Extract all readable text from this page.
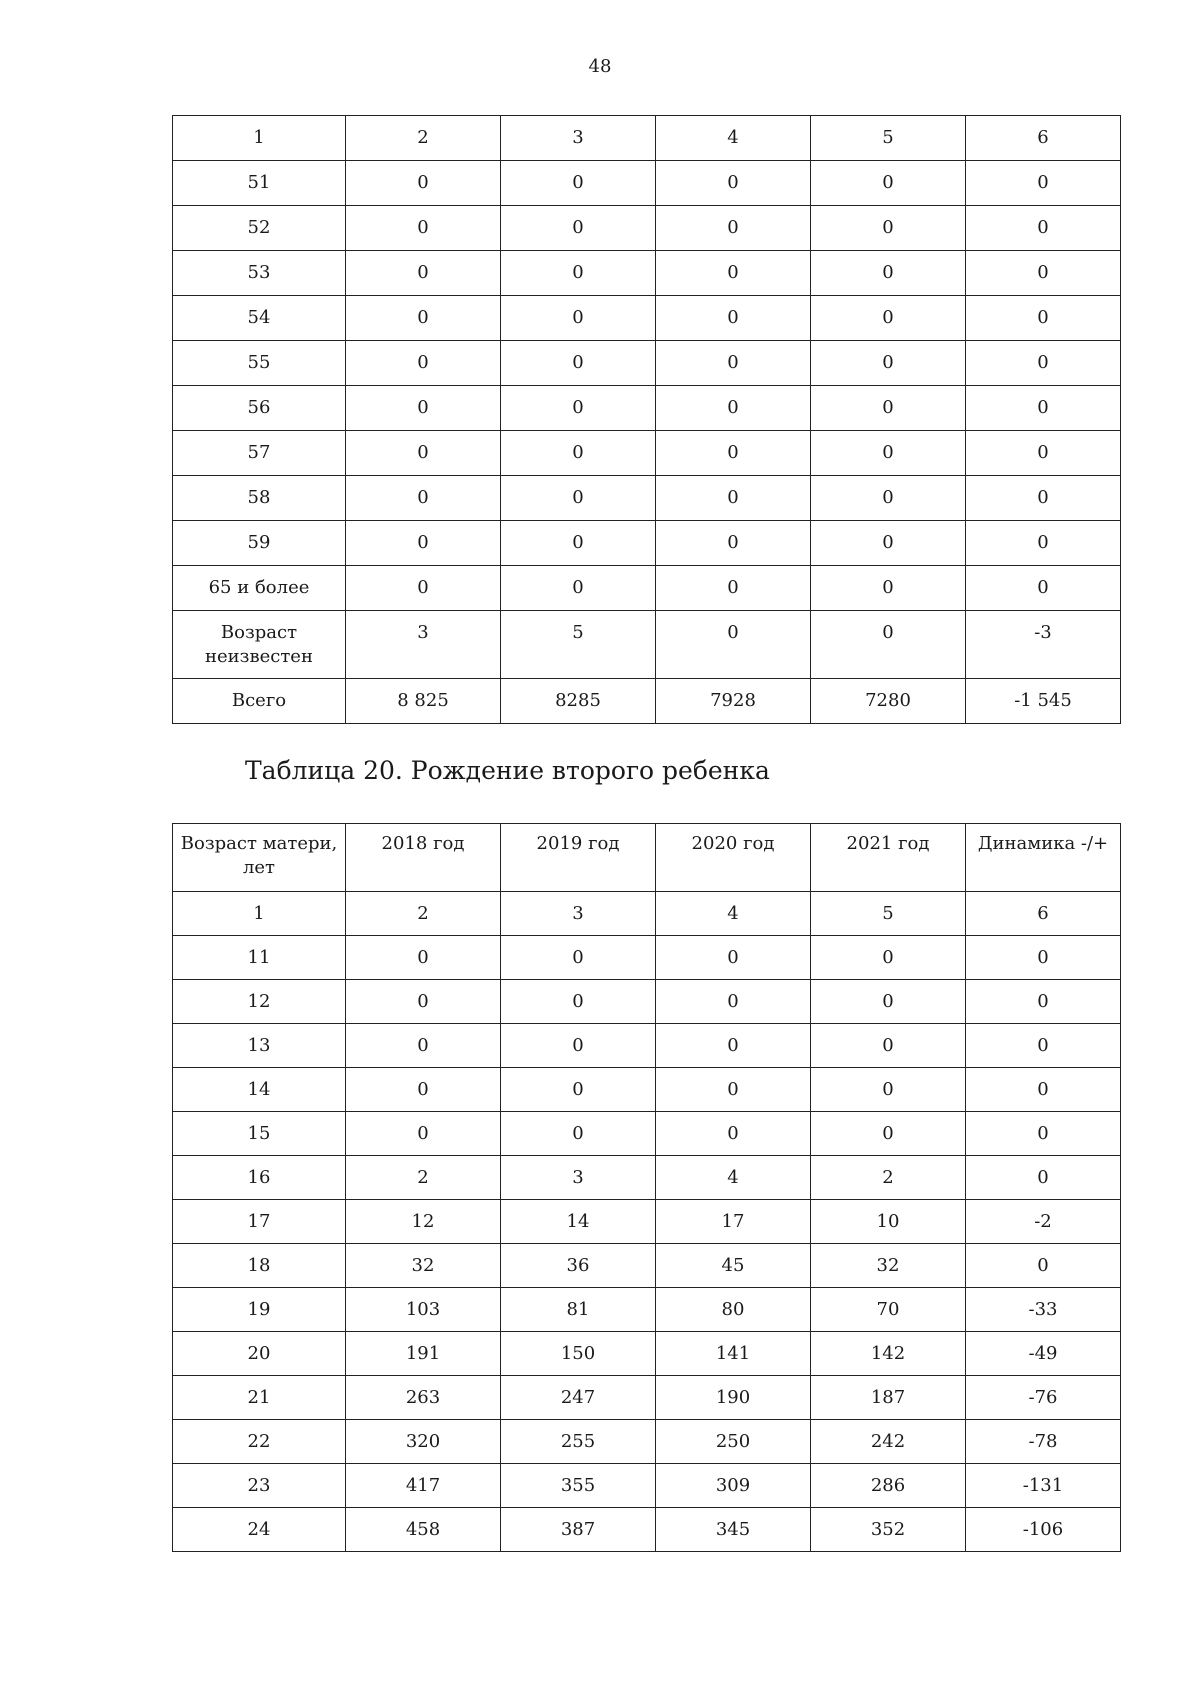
48
1	2	3	4	5	6
51	0	0	0	0	0
52	0	0	0	0	0
53	0	0	0	0	0
54	0	0	0	0	0
55	0	0	0	0	0
56	0	0	0	0	0
57	0	0	0	0	0
58	0	0	0	0	0
59	0	0	0	0	0
65 и более	0	0	0	0	0
Возраст
неизвестен	3	5	0	0	-3
Всего	8 825	8285	7928	7280	-1 545
Таблица 20. Рождение второго ребенка
Возраст матери,
лет	2018 год	2019 год	2020 год	2021 год	Динамика -/+
1	2	3	4	5	6
11	0	0	0	0	0
12	0	0	0	0	0
13	0	0	0	0	0
14	0	0	0	0	0
15	0	0	0	0	0
16	2	3	4	2	0
17	12	14	17	10	-2
18	32	36	45	32	0
19	103	81	80	70	-33
20	191	150	141	142	-49
21	263	247	190	187	-76
22	320	255	250	242	-78
23	417	355	309	286	-131
24	458	387	345	352	-106
